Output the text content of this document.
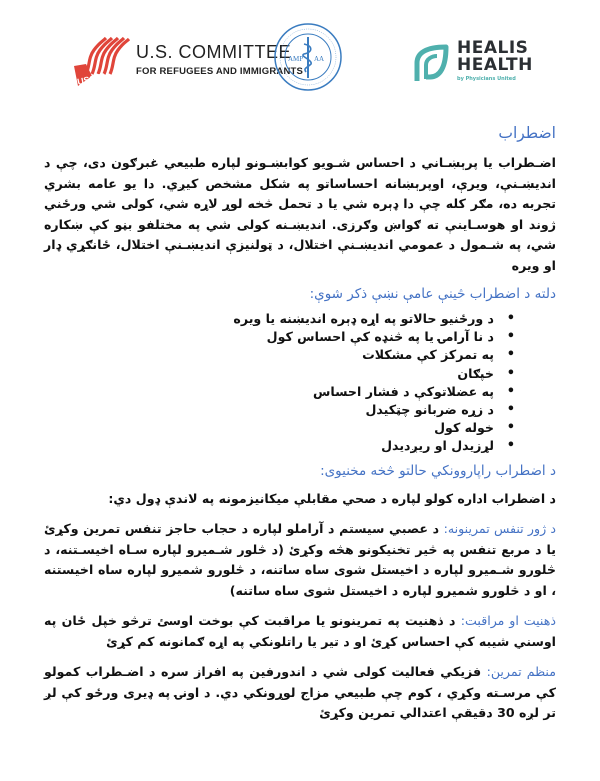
USCRI
U.S. COMMITTEE
FOR REFUGEES AND IMMIGRANTS
AMP AA
HEALIS
HEALTH
by Physicians United
اضطراب

اضـطراب یا پرېښـاني د احساس شـویو کوابښـونو لپاره طبیعي غبرګون دی، چې د اندیښـنې، ویرې، اوپرېښانه احساساتو په شکل مشخص کیږي. دا یو عامه بشري تجربه ده، مګر کله چې دا ډېره شي یا د تحمل څخه لوړ لاړه شي، کولی شي ورځني ژوند او هوسـاینې ته ګواښ وګرزی. اندیښـنه کولی شي په مختلفو بڼو کې ښکاره شي، په شـمول د عمومي اندیښـنې اختلال، د ټولنیزې اندیښـنې اختلال، ځانګړي ډار او ویره

دلته د اضطراب څینې عامې نښې ذکر شوې:
• د ورځنیو حالاتو په اړه ډېره اندیښنه یا ویره
• د نا آرامۍ یا په څنډه کې احساس کول
• په تمرکز کې مشکلات
• خپګان
• په عضلاتوکې د فشار احساس
• د زړه ضربانو چټکیدل
• خوله کول
• لړزیدل او ریږدیدل
د اضطراب راپاروونکي حالتو څخه مخنیوی:

د اضطراب اداره کولو لپاره د صحي مقابلې میکانیزمونه په لاندې ډول دي:

د ژور تنفس تمرینونه: د عصبي سیستم د آراملو لپاره د حجاب حاجز تنفس تمرین وکړئ یا د مربع تنفس په څیر تخنیکونو هڅه وکړئ (د څلور شـمیرو لپاره سـاه اخیسـتنه، د څلورو شـمیرو لپاره د اخیستل شوی ساه ساتنه، د څلورو شمیرو لپاره ساه اخیستنه ، او د څلورو شمیرو لپاره د اخیستل شوی ساه ساتنه)

ذهنیت او مراقبت: د ذهنیت په تمرینونو یا مراقبت کې بوخت اوسئ ترڅو خپل ځان په اوسني شیبه کې احساس کړئ او د تیر یا راتلونکي په اړه ګمانونه کم کړئ

منظم تمرین: فزیکي فعالیت کولی شي د اندورفین په افراز سره د اضـطراب کمولو کې مرسـته وکړي ، کوم چې طبیعي مزاج لوړونکي دي. د اونۍ په ډیری ورځو کې لږ تر لږه 30 دقیقې اعتدالي تمرین وکړئ
